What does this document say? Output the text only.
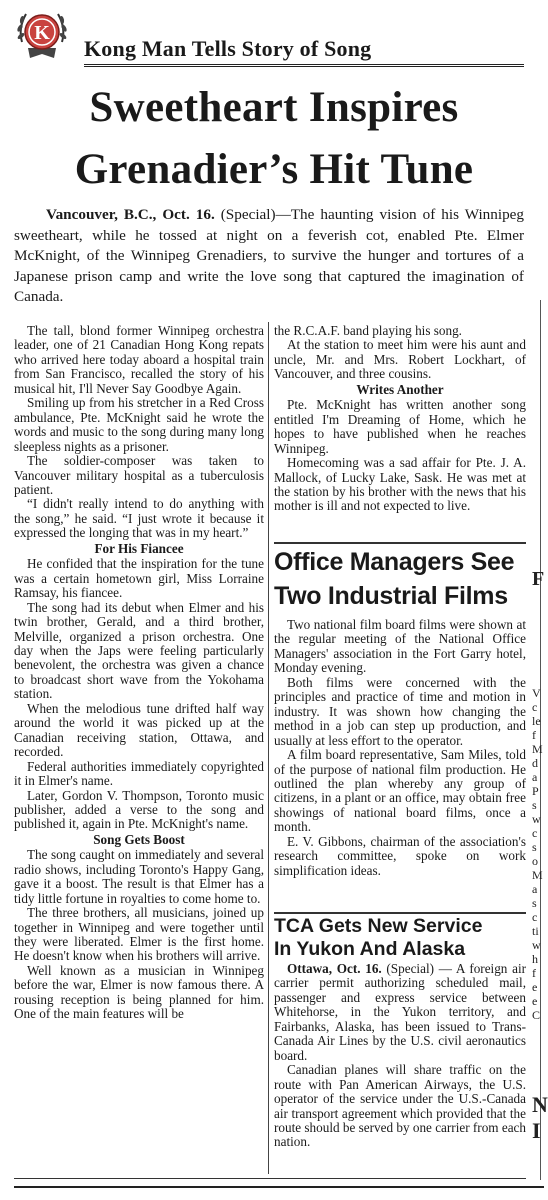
K
Kong Man Tells Story of Song
Sweetheart Inspires
Grenadier’s Hit Tune

Vancouver, B.C., Oct. 16. (Special)—The haunting vision of his Winnipeg sweetheart, while he tossed at night on a feverish cot, enabled Pte. Elmer McKnight, of the Winnipeg Grenadiers, to survive the hunger and tortures of a Japanese prison camp and write the love song that captured the imagination of Canada.

The tall, blond former Winnipeg orchestra leader, one of 21 Canadian Hong Kong repats who arrived here today aboard a hospital train from San Francisco, recalled the story of his musical hit, I'll Never Say Goodbye Again.

Smiling up from his stretcher in a Red Cross ambulance, Pte. McKnight said he wrote the words and music to the song during many long sleepless nights as a prisoner.

The soldier-composer was taken to Vancouver military hospital as a tuberculosis patient.

“I didn't really intend to do anything with the song,” he said. “I just wrote it because it expressed the longing that was in my heart.”

For His Fiancee

He confided that the inspiration for the tune was a certain hometown girl, Miss Lorraine Ramsay, his fiancee.

The song had its debut when Elmer and his twin brother, Gerald, and a third brother, Melville, organized a prison orchestra. One day when the Japs were feeling particularly benevolent, the orchestra was given a chance to broadcast short wave from the Yokohama station.

When the melodious tune drifted half way around the world it was picked up at the Canadian receiving station, Ottawa, and recorded.

Federal authorities immediately copyrighted it in Elmer's name.

Later, Gordon V. Thompson, Toronto music publisher, added a verse to the song and published it, again in Pte. McKnight's name.

Song Gets Boost

The song caught on immediately and several radio shows, including Toronto's Happy Gang, gave it a boost. The result is that Elmer has a tidy little fortune in royalties to come home to.

The three brothers, all musicians, joined up together in Winnipeg and were together until they were liberated. Elmer is the first home. He doesn't know when his brothers will arrive.

Well known as a musician in Winnipeg before the war, Elmer is now famous there. A rousing reception is being planned for him. One of the main features will be

the R.C.A.F. band playing his song.

At the station to meet him were his aunt and uncle, Mr. and Mrs. Robert Lockhart, of Vancouver, and three cousins.

Writes Another

Pte. McKnight has written another song entitled I'm Dreaming of Home, which he hopes to have published when he reaches Winnipeg.

Homecoming was a sad affair for Pte. J. A. Mallock, of Lucky Lake, Sask. He was met at the station by his brother with the news that his mother is ill and not expected to live.

Office Managers See
Two Industrial Films

Two national film board films were shown at the regular meeting of the National Office Managers' association in the Fort Garry hotel, Monday evening.

Both films were concerned with the principles and practice of time and motion in industry. It was shown how changing the method in a job can step up production, and usually at less effort to the operator.

A film board representative, Sam Miles, told of the purpose of national film production. He outlined the plan whereby any group of citizens, in a plant or an office, may obtain free showings of national board films, once a month.

E. V. Gibbons, chairman of the association's research committee, spoke on work simplification ideas.

TCA Gets New Service
In Yukon And Alaska

Ottawa, Oct. 16. (Special) — A foreign air carrier permit authorizing scheduled mail, passenger and express service between Whitehorse, in the Yukon territory, and Fairbanks, Alaska, has been issued to Trans-Canada Air Lines by the U.S. civil aeronautics board.

Canadian planes will share traffic on the route with Pan American Airways, the U.S. operator of the service under the U.S.-Canada air transport agreement which provided that the route should be served by one carrier from each nation.

F
V
c
le
f
M
d
a
P
s
w
c
s
o
M
a
s
c
ti
w
h
f
e
e
C
N
I
